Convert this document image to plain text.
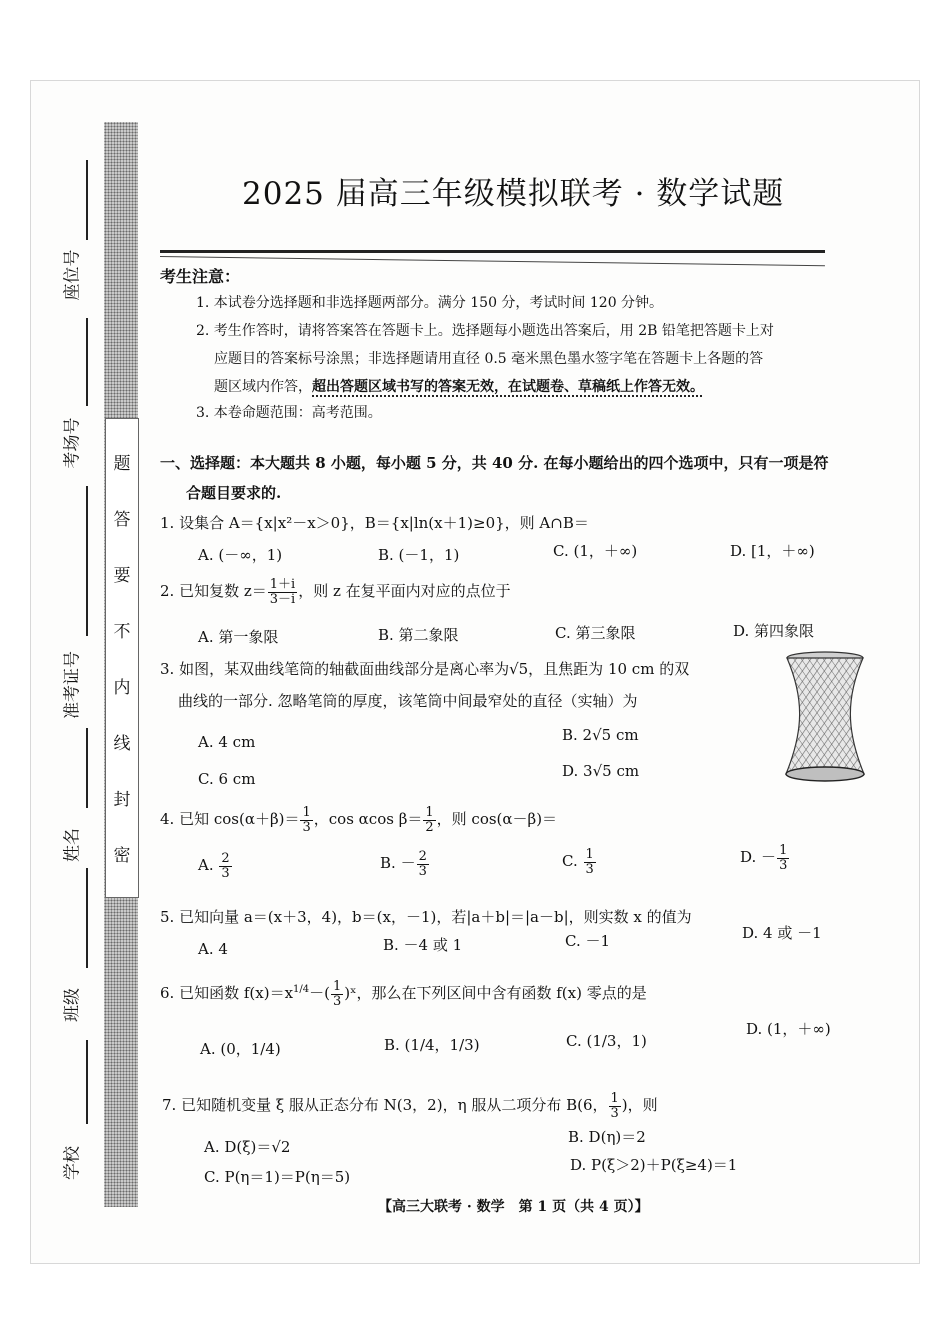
题
答
要
不
内
线
封
密
座位号
考场号
准考证号
姓名
班级
学校
2025 届高三年级模拟联考 · 数学试题
考生注意：
1. 本试卷分选择题和非选择题两部分。满分 150 分，考试时间 120 分钟。
2. 考生作答时，请将答案答在答题卡上。选择题每小题选出答案后，用 2B 铅笔把答题卡上对
应题目的答案标号涂黑；非选择题请用直径 0.5 毫米黑色墨水签字笔在答题卡上各题的答
题区域内作答，超出答题区域书写的答案无效，在试题卷、草稿纸上作答无效。
3. 本卷命题范围：高考范围。
一、选择题：本大题共 8 小题，每小题 5 分，共 40 分. 在每小题给出的四个选项中，只有一项是符
合题目要求的.
1. 设集合 A＝{x|x²－x＞0}，B＝{x|ln(x＋1)≥0}，则 A∩B＝
A. (－∞，1)	B. (－1，1)	C. (1，＋∞)	D. [1，＋∞)
2. 已知复数 $z= \frac{1+i}{3-i}$ ，则 z 在复平面内对应的点位于
A. 第一象限	B. 第二象限	C. 第三象限	D. 第四象限
3. 如图，某双曲线笔筒的轴截面曲线部分是离心率为√5，且焦距为 10 cm 的双
曲线的一部分. 忽略笔筒的厚度，该笔筒中间最窄处的直径（实轴）为
A. 4 cm	B. 2√5 cm
C. 6 cm	D. 3√5 cm
4. 已知 $\cos(\alpha+\beta)= \frac{1}{3}$ ，cos αcos $\beta= \frac{1}{2}$ ，则 cos(α－β)＝
A. $\frac{2}{3}$	B. － $\frac{2}{3}$	C. $\frac{1}{3}$	D. － $\frac{1}{3}$
5. 已知向量 a＝(x＋3，4)，b＝(x，－1)，若|a＋b|＝|a－b|，则实数 x 的值为
A. 4	B. －4 或 1	C. －1	D. 4 或 －1
6. 已知函数 $f(x)=x^{1/4}-( \frac{1}{3}$ )ˣ，那么在下列区间中含有函数 f(x) 零点的是
A. (0，1/4)	B. (1/4，1/3)	C. (1/3，1)
D. (1，＋∞)
7. 已知随机变量 ξ 服从正态分布 N(3，2)，η 服从二项分布 B(6， $\frac{1}{3}$ )，则
A. D(ξ)＝√2
B. D(η)＝2
C. P(η＝1)＝P(η＝5)
D. P(ξ＞2)＋P(ξ≥4)＝1
【高三大联考 · 数学　第 1 页（共 4 页）】
